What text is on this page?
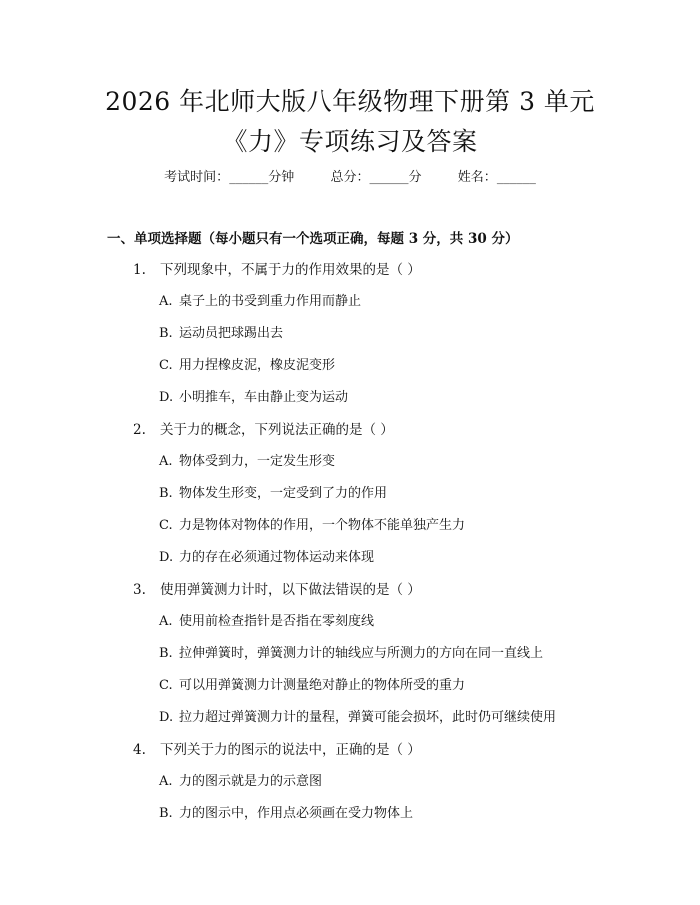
2026 年北师大版八年级物理下册第 3 单元
《力》专项练习及答案
考试时间：______分钟	总分：______分	姓名：______
一、单项选择题（每小题只有一个选项正确，每题 3 分，共 30 分）
1. 下列现象中，不属于力的作用效果的是（ ）
A. 桌子上的书受到重力作用而静止
B. 运动员把球踢出去
C. 用力捏橡皮泥，橡皮泥变形
D. 小明推车，车由静止变为运动
2. 关于力的概念，下列说法正确的是（ ）
A. 物体受到力，一定发生形变
B. 物体发生形变，一定受到了力的作用
C. 力是物体对物体的作用，一个物体不能单独产生力
D. 力的存在必须通过物体运动来体现
3. 使用弹簧测力计时，以下做法错误的是（ ）
A. 使用前检查指针是否指在零刻度线
B. 拉伸弹簧时，弹簧测力计的轴线应与所测力的方向在同一直线上
C. 可以用弹簧测力计测量绝对静止的物体所受的重力
D. 拉力超过弹簧测力计的量程，弹簧可能会损坏，此时仍可继续使用
4. 下列关于力的图示的说法中，正确的是（ ）
A. 力的图示就是力的示意图
B. 力的图示中，作用点必须画在受力物体上
